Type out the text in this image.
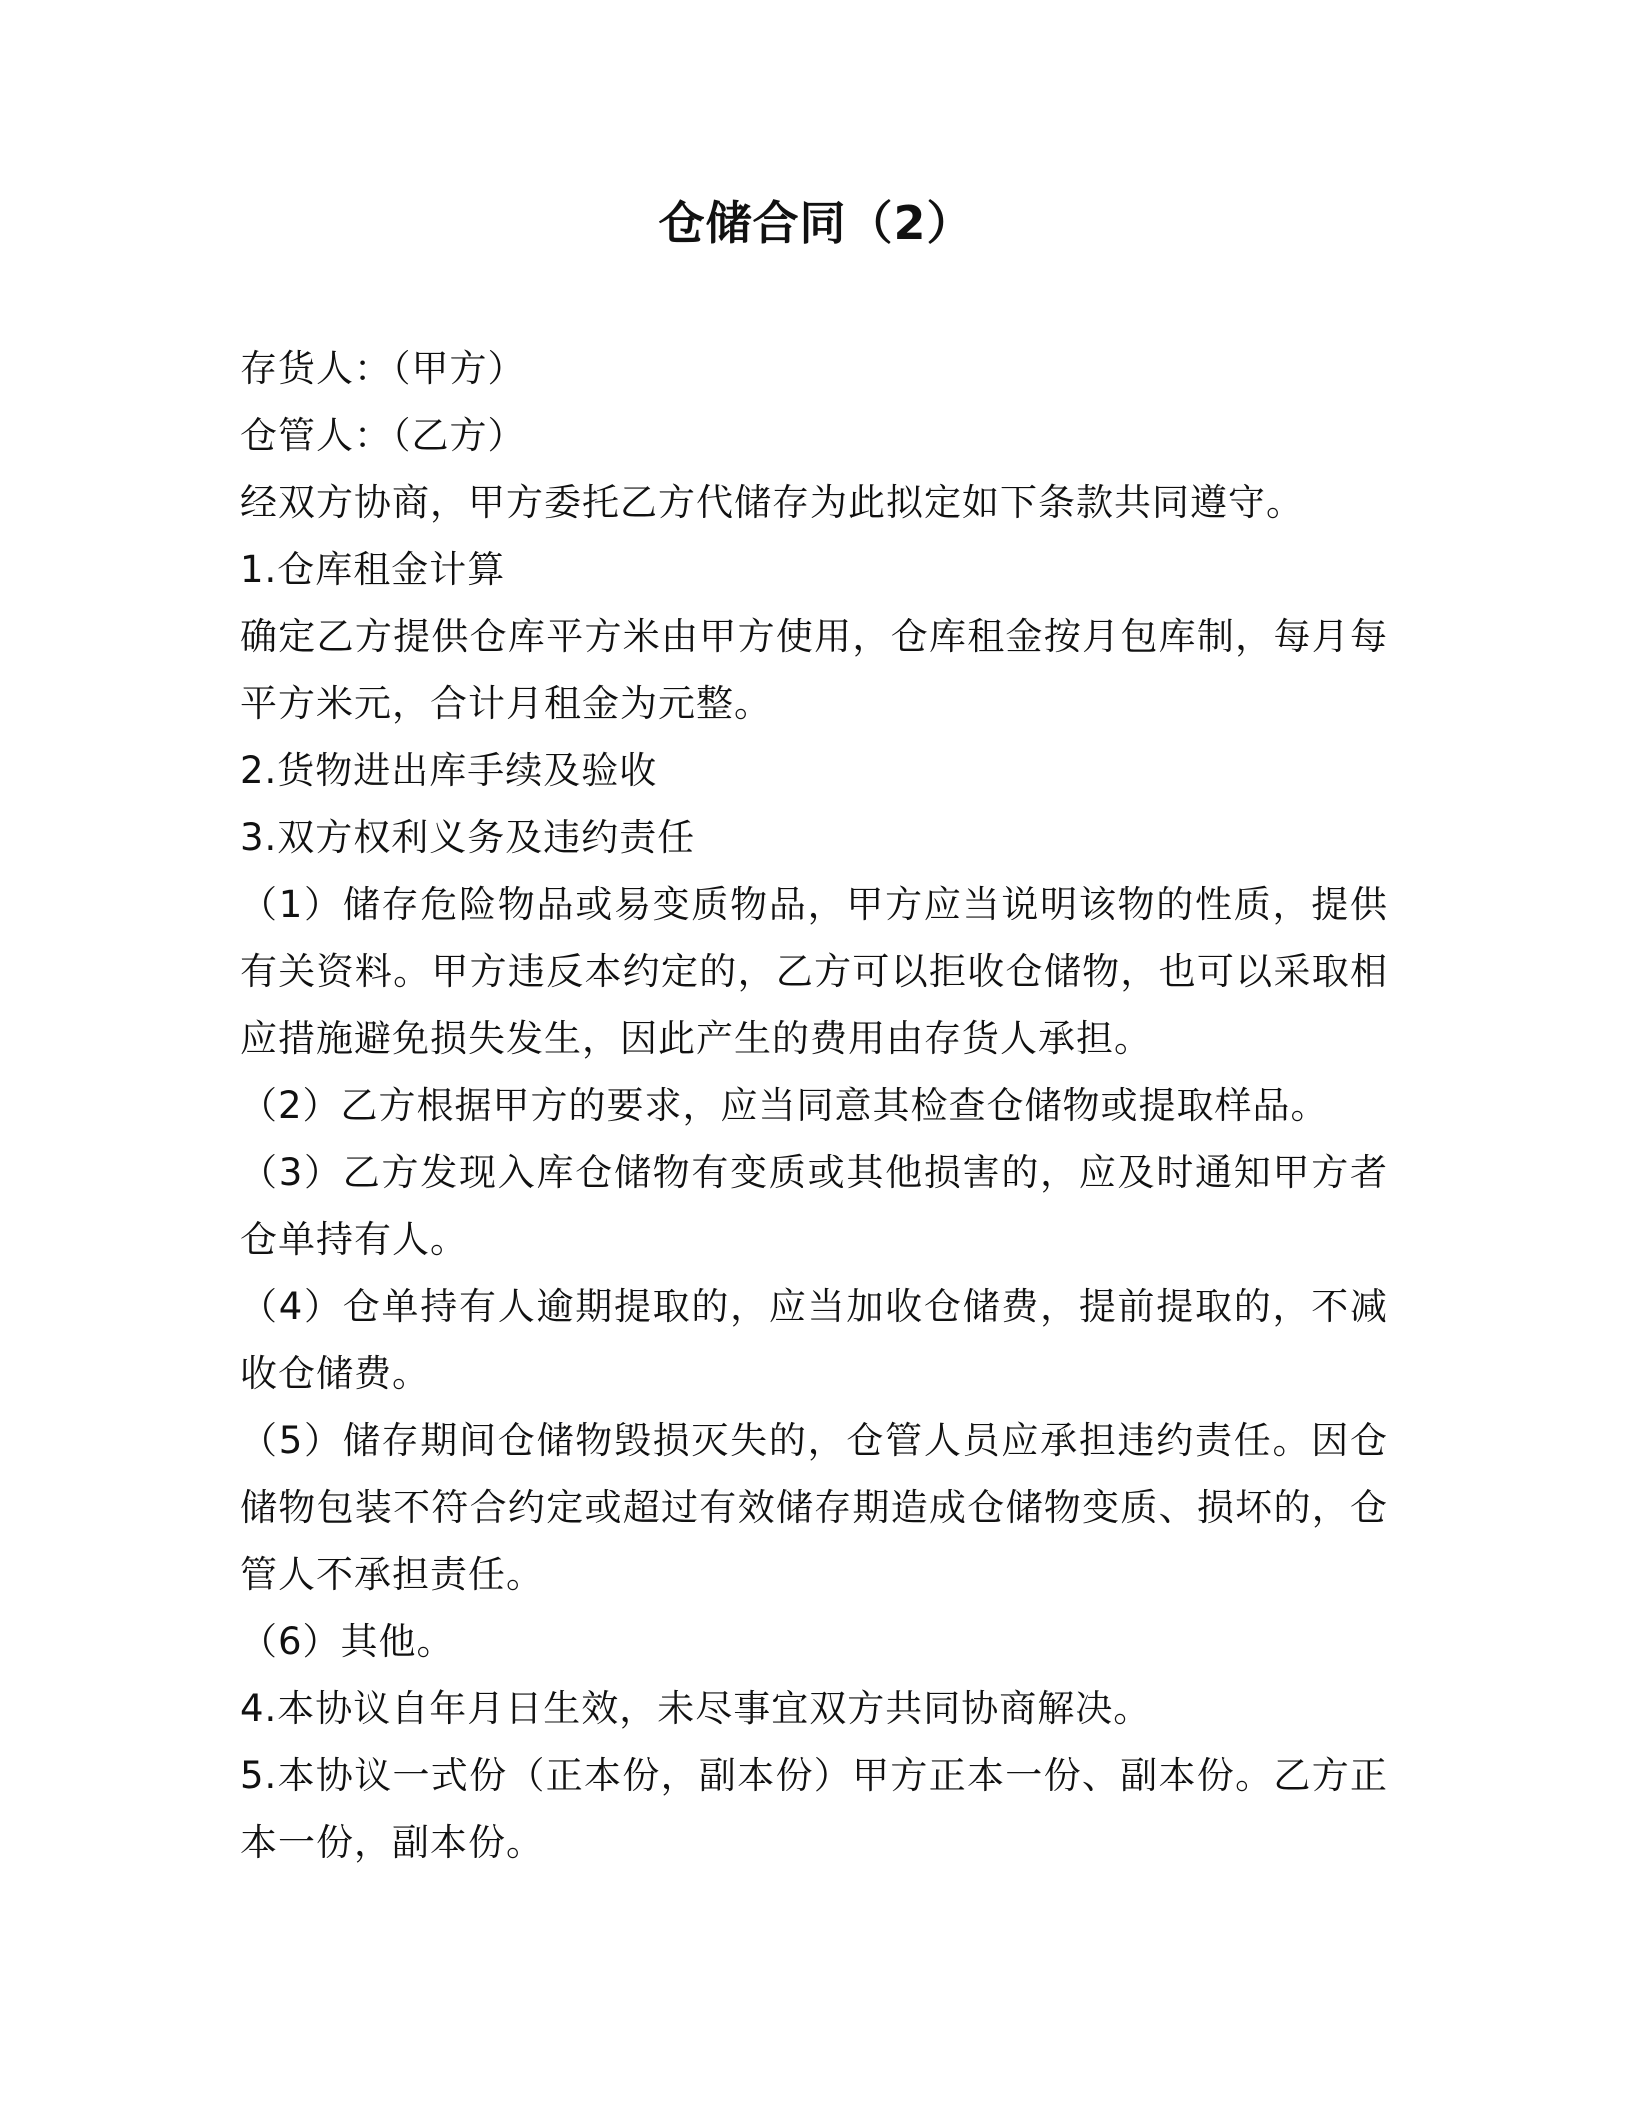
仓储合同（2）

存货人：（甲方）

仓管人：（乙方）

经双方协商，甲方委托乙方代储存为此拟定如下条款共同遵守。

1.仓库租金计算

确定乙方提供仓库平方米由甲方使用，仓库租金按月包库制，每月每平方米元，合计月租金为元整。

2.货物进出库手续及验收

3.双方权利义务及违约责任

（1）储存危险物品或易变质物品，甲方应当说明该物的性质，提供有关资料。甲方违反本约定的，乙方可以拒收仓储物，也可以采取相应措施避免损失发生，因此产生的费用由存货人承担。

（2）乙方根据甲方的要求，应当同意其检查仓储物或提取样品。

（3）乙方发现入库仓储物有变质或其他损害的，应及时通知甲方者仓单持有人。

（4）仓单持有人逾期提取的，应当加收仓储费，提前提取的，不减收仓储费。

（5）储存期间仓储物毁损灭失的，仓管人员应承担违约责任。因仓储物包装不符合约定或超过有效储存期造成仓储物变质、损坏的，仓管人不承担责任。

（6）其他。

4.本协议自年月日生效，未尽事宜双方共同协商解决。

5.本协议一式份（正本份，副本份）甲方正本一份、副本份。乙方正本一份，副本份。
